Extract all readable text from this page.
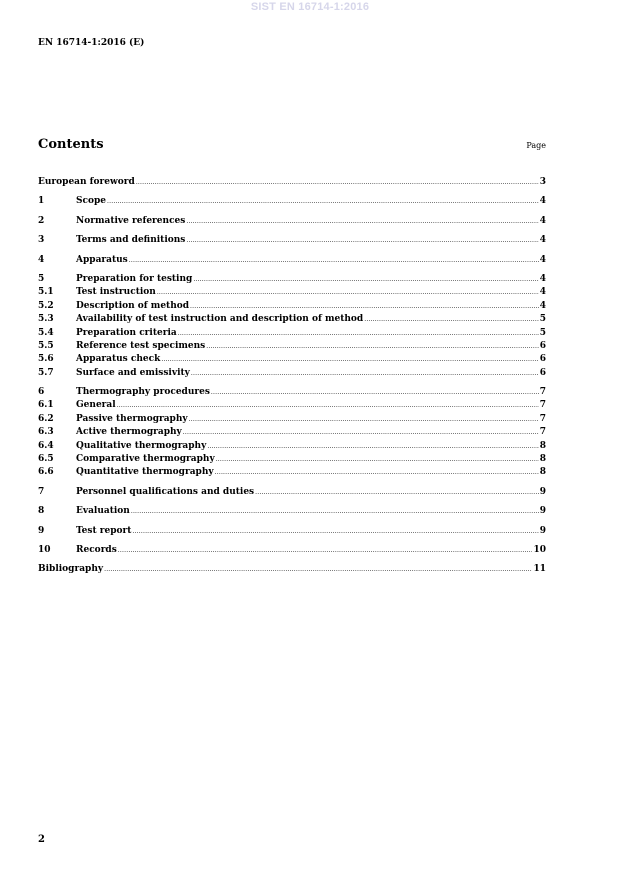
SIST EN 16714-1:2016
EN 16714-1:2016 (E)
Contents	Page
European foreword .....	3
1	Scope .....	4
2	Normative references .....	4
3	Terms and definitions .....	4
4	Apparatus .....	4
5	Preparation for testing .....	4
5.1	Test instruction .....	4
5.2	Description of method .....	4
5.3	Availability of test instruction and description of method .....	5
5.4	Preparation criteria .....	5
5.5	Reference test specimens .....	6
5.6	Apparatus check .....	6
5.7	Surface and emissivity .....	6
6	Thermography procedures .....	7
6.1	General .....	7
6.2	Passive thermography .....	7
6.3	Active thermography .....	7
6.4	Qualitative thermography .....	8
6.5	Comparative thermography .....	8
6.6	Quantitative thermography .....	8
7	Personnel qualifications and duties .....	9
8	Evaluation .....	9
9	Test report .....	9
10	Records .....	10
Bibliography .....	11
2
